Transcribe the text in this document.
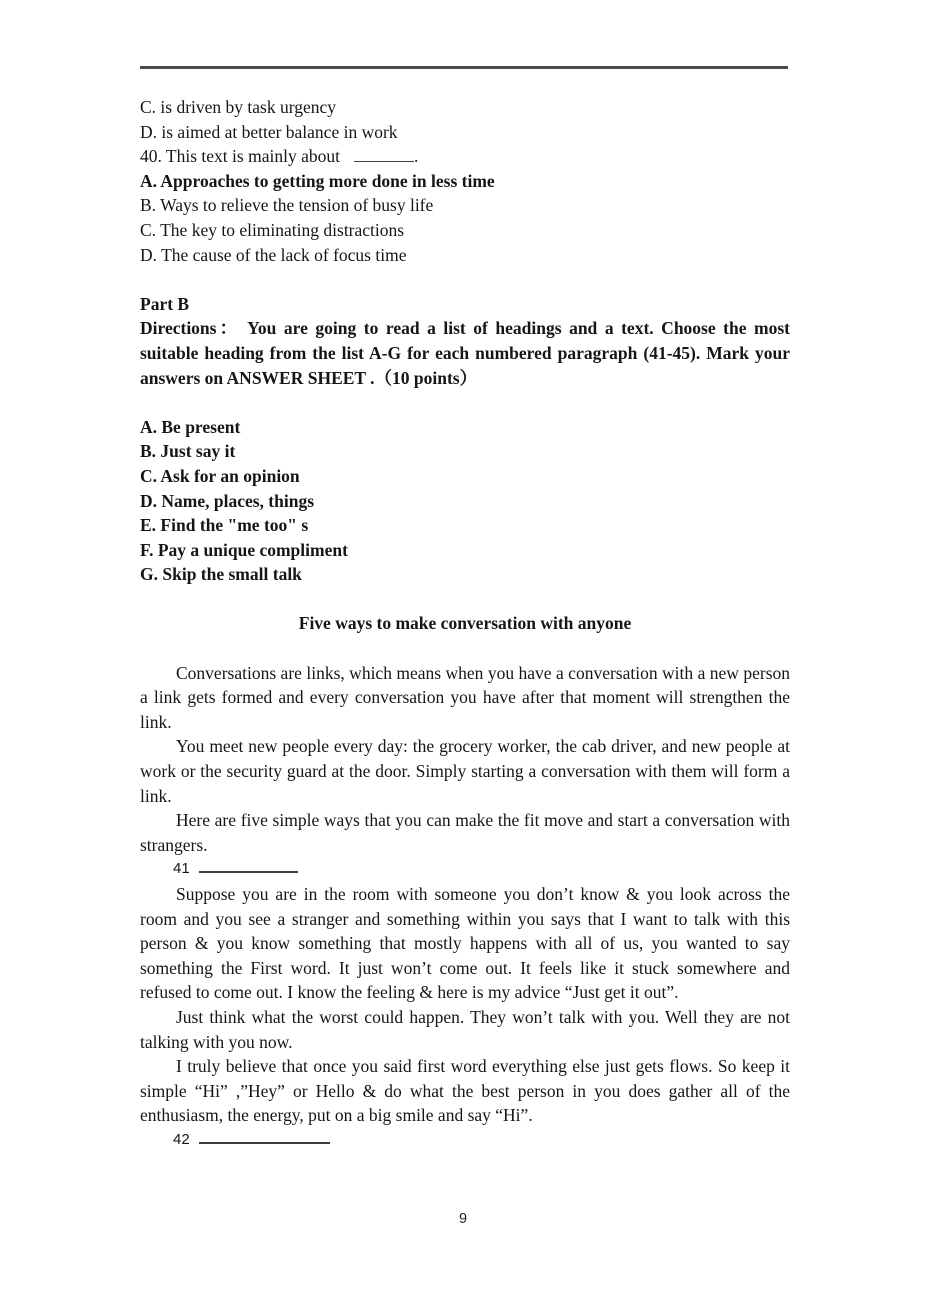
C. is driven by task urgency
D. is aimed at better balance in work
40. This text is mainly about	.
A. Approaches to getting more done in less time
B. Ways to relieve the tension of busy life
C. The key to eliminating distractions
D. The cause of the lack of focus time
Part B
Directions： You are going to read a list of headings and a text. Choose the most suitable heading from the list A-G for each numbered paragraph (41-45). Mark your answers on ANSWER SHEET .（10 points）
A. Be present
B. Just say it
C. Ask for an opinion
D. Name, places, things
E. Find the "me too" s
F. Pay a unique compliment
G. Skip the small talk
Five ways to make conversation with anyone
Conversations are links, which means when you have a conversation with a new person a link gets formed and every conversation you have after that moment will strengthen the link.
You meet new people every day: the grocery worker, the cab driver, and new people at work or the security guard at the door. Simply starting a conversation with them will form a link.
Here are five simple ways that you can make the fit move and start a conversation with strangers.
41
Suppose you are in the room with someone you don’t know & you look across the room and you see a stranger and something within you says that I want to talk with this person & you know something that mostly happens with all of us, you wanted to say something the First word. It just won’t come out. It feels like it stuck somewhere and refused to come out. I know the feeling & here is my advice “Just get it out”.
Just think what the worst could happen. They won’t talk with you. Well they are not talking with you now.
I truly believe that once you said first word everything else just gets flows. So keep it simple “Hi” ,”Hey” or Hello & do what the best person in you does gather all of the enthusiasm, the energy, put on a big smile and say “Hi”.
42
9
